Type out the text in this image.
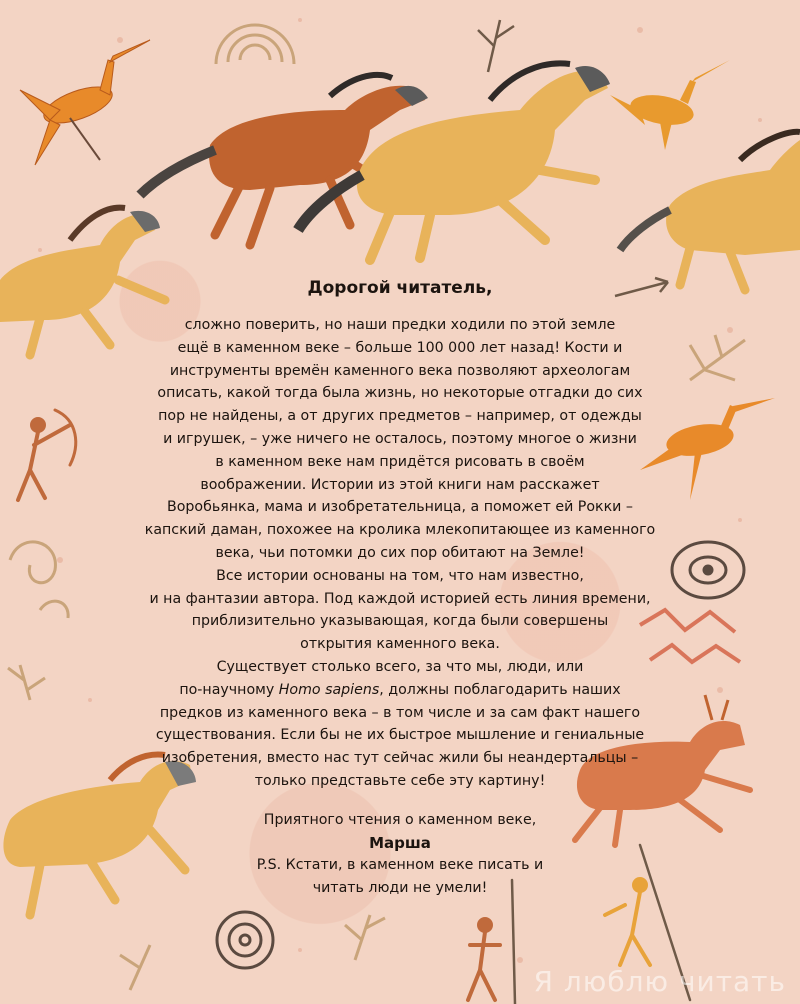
Дорогой читатель,

сложно поверить, но наши предки ходили по этой земле

ещё в каменном веке – больше 100 000 лет назад! Кости и

инструменты времён каменного века позволяют археологам

описать, какой тогда была жизнь, но некоторые отгадки до сих

пор не найдены, а от других предметов – например, от одежды

и игрушек, – уже ничего не осталось, поэтому многое о жизни

в каменном веке нам придётся рисовать в своём

воображении. Истории из этой книги нам расскажет

Воробьянка, мама и изобретательница, а поможет ей Рокки –

капский даман, похожее на кролика млекопитающее из каменного

века, чьи потомки до сих пор обитают на Земле!

Все истории основаны на том, что нам известно,

и на фантазии автора. Под каждой историей есть линия времени,

приблизительно указывающая, когда были совершены

открытия каменного века.

Существует столько всего, за что мы, люди, или

по-научному Homo sapiens, должны поблагодарить наших

предков из каменного века – в том числе и за сам факт нашего

существования. Если бы не их быстрое мышление и гениальные

изобретения, вместо нас тут сейчас жили бы неандертальцы –

только представьте себе эту картину!

Приятного чтения о каменном веке,
Марша

P.S. Кстати, в каменном веке писать и

читать люди не умели!

Я люблю читать
